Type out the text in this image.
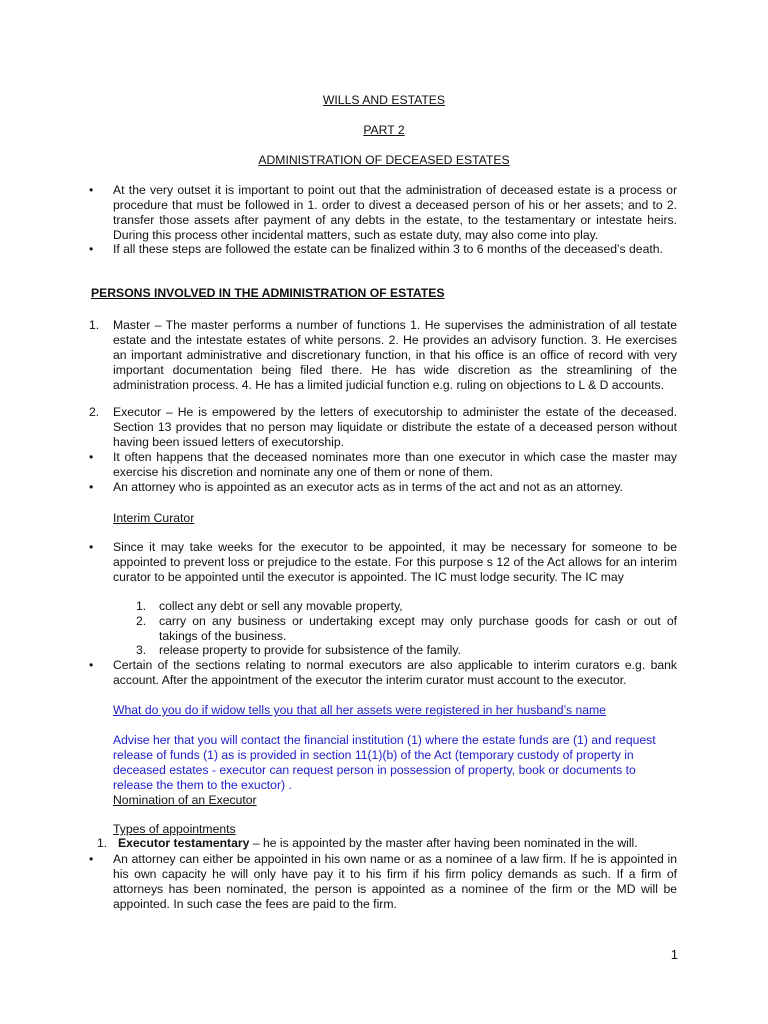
WILLS AND ESTATES
PART 2
ADMINISTRATION OF DECEASED ESTATES
• At the very outset it is important to point out that the administration of deceased estate is a process or procedure that must be followed in 1. order to divest a deceased person of his or her assets; and to 2. transfer those assets after payment of any debts in the estate, to the testamentary or intestate heirs. During this process other incidental matters, such as estate duty, may also come into play.
• If all these steps are followed the estate can be finalized within 3 to 6 months of the deceased’s death.
PERSONS INVOLVED IN THE ADMINISTRATION OF ESTATES
1. Master – The master performs a number of functions 1. He supervises the administration of all testate estate and the intestate estates of white persons. 2. He provides an advisory function. 3. He exercises an important administrative and discretionary function, in that his office is an office of record with very important documentation being filed there. He has wide discretion as the streamlining of the administration process. 4. He has a limited judicial function e.g. ruling on objections to L & D accounts.
2. Executor – He is empowered by the letters of executorship to administer the estate of the deceased. Section 13 provides that no person may liquidate or distribute the estate of a deceased person without having been issued letters of executorship.
• It often happens that the deceased nominates more than one executor in which case the master may exercise his discretion and nominate any one of them or none of them.
• An attorney who is appointed as an executor acts as in terms of the act and not as an attorney.
Interim Curator
• Since it may take weeks for the executor to be appointed, it may be necessary for someone to be appointed to prevent loss or prejudice to the estate. For this purpose s 12 of the Act allows for an interim curator to be appointed until the executor is appointed. The IC must lodge security. The IC may
1. collect any debt or sell any movable property,
2. carry on any business or undertaking except may only purchase goods for cash or out of takings of the business.
3. release property to provide for subsistence of the family.
• Certain of the sections relating to normal executors are also applicable to interim curators e.g. bank account. After the appointment of the executor the interim curator must account to the executor.
What do you do if widow tells you that all her assets were registered in her husband’s name
Advise her that you will contact the financial institution (1) where the estate funds are (1) and request release of funds (1) as is provided in section 11(1)(b) of the Act (temporary custody of property in deceased estates - executor can request person in possession of property, book or documents to release the them to the exuctor) .
Nomination of an Executor
Types of appointments
1. Executor testamentary – he is appointed by the master after having been nominated in the will.
• An attorney can either be appointed in his own name or as a nominee of a law firm. If he is appointed in his own capacity he will only have pay it to his firm if his firm policy demands as such. If a firm of attorneys has been nominated, the person is appointed as a nominee of the firm or the MD will be appointed. In such case the fees are paid to the firm.
1
